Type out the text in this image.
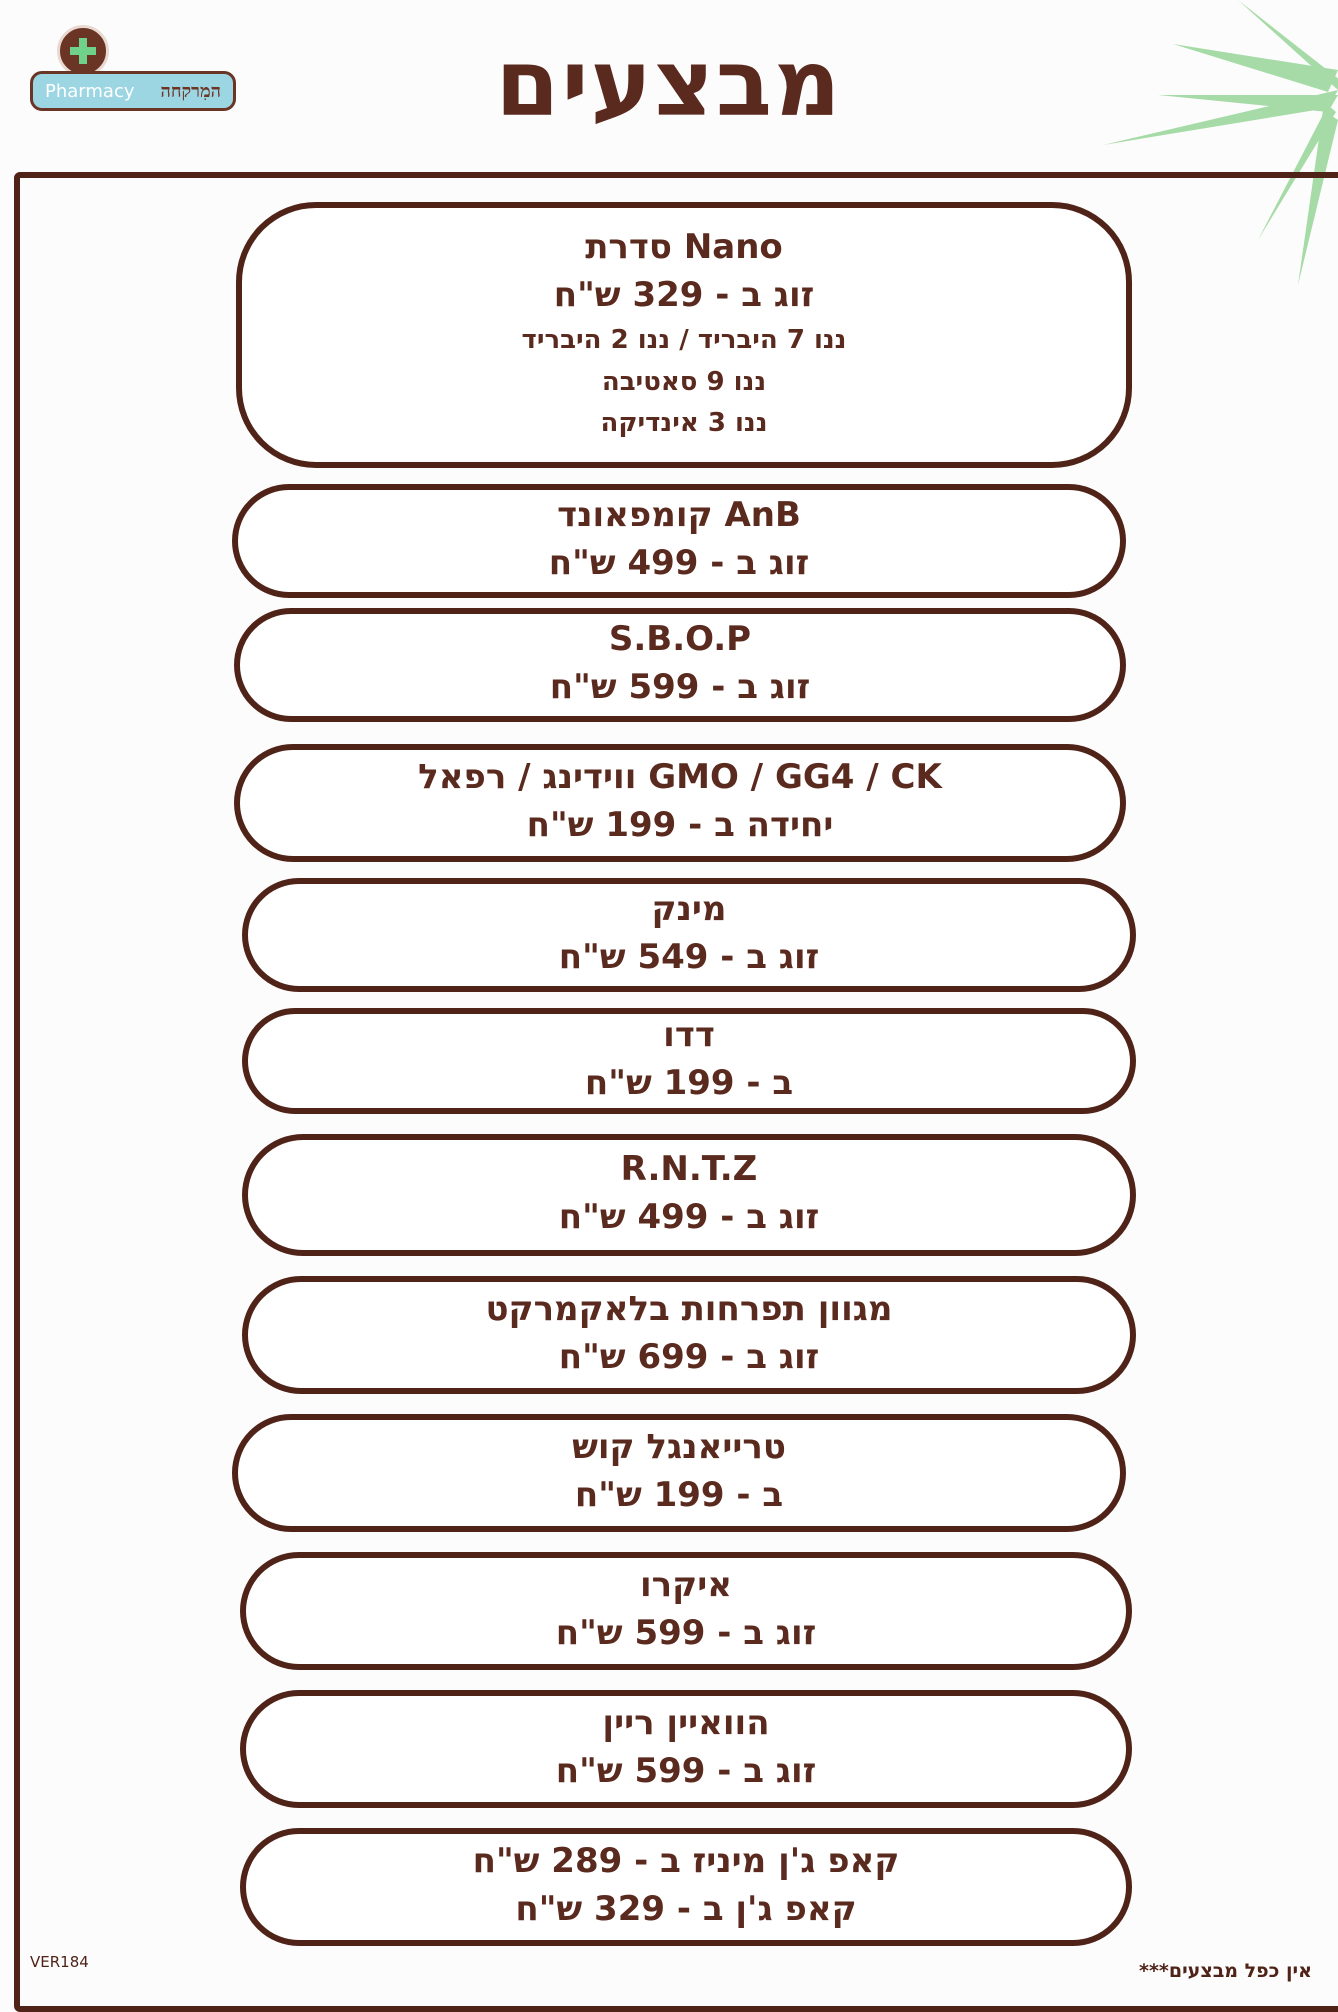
Pharmacy המִרקחה	מבצעים
Nano סדרת
זוג ב - 329 ש"ח
ננו 7 היבריד / ננו 2 היבריד
ננו 9 סאטיבה
ננו 3 אינדיקה
AnB קומפאונד
זוג ב - 499 ש"ח
S.B.O.P
זוג ב - 599 ש"ח
GMO / GG4 / CK ווידינג / רפאל
יחידה ב - 199 ש"ח
מינק
זוג ב - 549 ש"ח
דדו
ב - 199 ש"ח
R.N.T.Z
זוג ב - 499 ש"ח
מגוון תפרחות בלאקמרקט
זוג ב - 699 ש"ח
טרייאנגל קוש
ב - 199 ש"ח
איקרו
זוג ב - 599 ש"ח
הוואיין ריין
זוג ב - 599 ש"ח
קאפ ג'ן מיניז ב - 289 ש"ח
קאפ ג'ן ב - 329 ש"ח
VER184	אין כפל מבצעים***
